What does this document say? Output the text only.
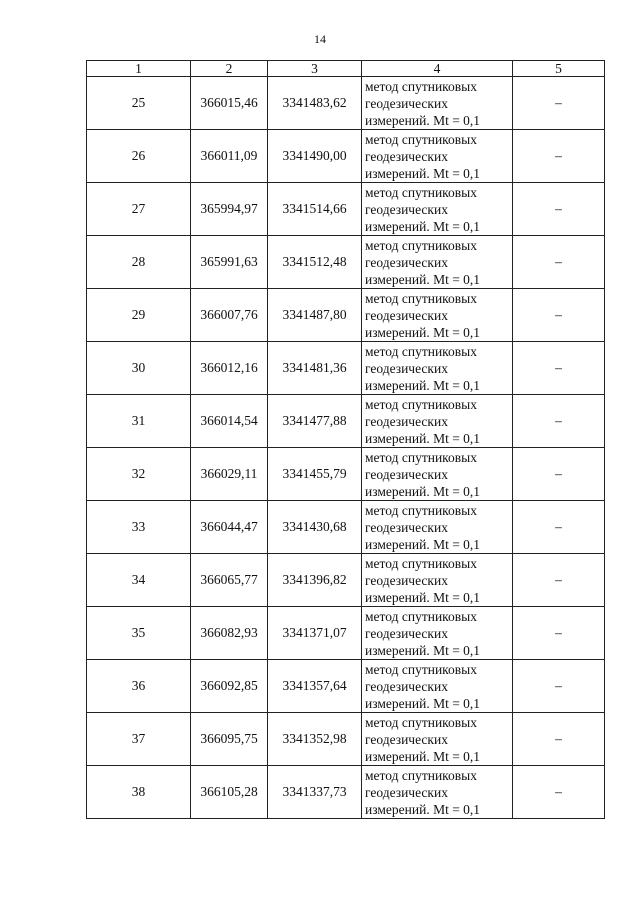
14
1	2	3	4	5
25	366015,46	3341483,62	метод спутниковых
геодезических
измерений. Mt = 0,1	–
26	366011,09	3341490,00	метод спутниковых
геодезических
измерений. Mt = 0,1	–
27	365994,97	3341514,66	метод спутниковых
геодезических
измерений. Mt = 0,1	–
28	365991,63	3341512,48	метод спутниковых
геодезических
измерений. Mt = 0,1	–
29	366007,76	3341487,80	метод спутниковых
геодезических
измерений. Mt = 0,1	–
30	366012,16	3341481,36	метод спутниковых
геодезических
измерений. Mt = 0,1	–
31	366014,54	3341477,88	метод спутниковых
геодезических
измерений. Mt = 0,1	–
32	366029,11	3341455,79	метод спутниковых
геодезических
измерений. Mt = 0,1	–
33	366044,47	3341430,68	метод спутниковых
геодезических
измерений. Mt = 0,1	–
34	366065,77	3341396,82	метод спутниковых
геодезических
измерений. Mt = 0,1	–
35	366082,93	3341371,07	метод спутниковых
геодезических
измерений. Mt = 0,1	–
36	366092,85	3341357,64	метод спутниковых
геодезических
измерений. Mt = 0,1	–
37	366095,75	3341352,98	метод спутниковых
геодезических
измерений. Mt = 0,1	–
38	366105,28	3341337,73	метод спутниковых
геодезических
измерений. Mt = 0,1	–
